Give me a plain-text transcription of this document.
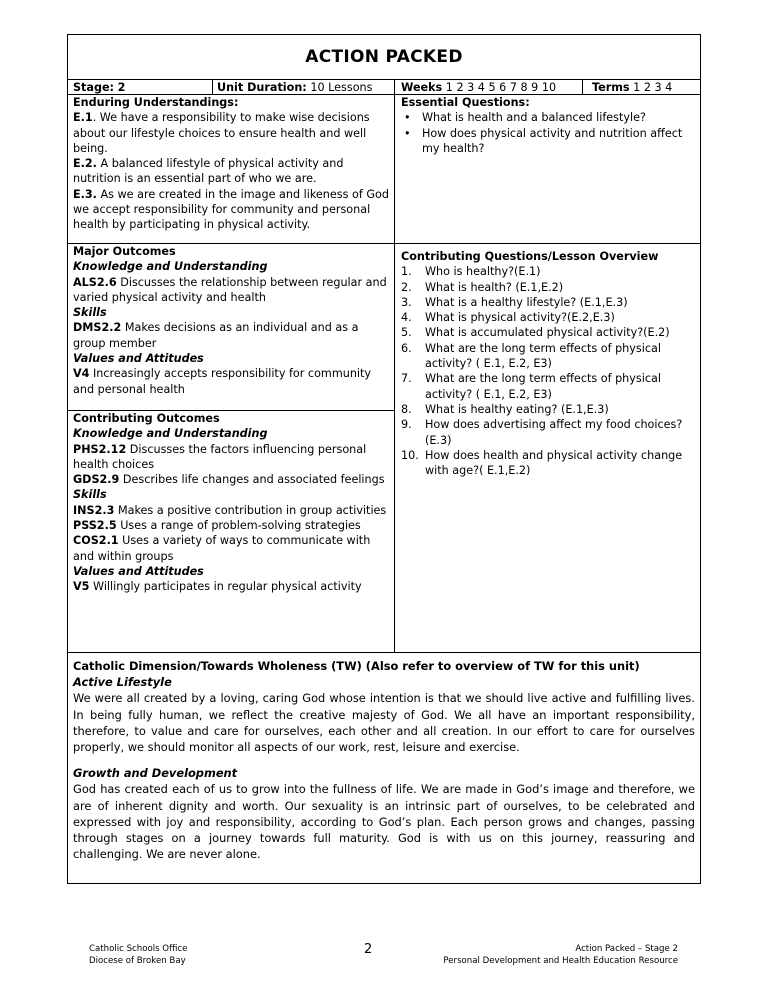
ACTION PACKED
Stage: 2	Unit Duration: 10 Lessons	Weeks 1 2 3 4 5 6 7 8 9 10	Terms 1 2 3 4

Enduring Understandings:

E.1. We have a responsibility to make wise decisions about our lifestyle choices to ensure health and well being.

E.2. A balanced lifestyle of physical activity and nutrition is an essential part of who we are.

E.3. As we are created in the image and likeness of God we accept responsibility for community and personal health by participating in physical activity.

Essential Questions:

•	What is health and a balanced lifestyle?
•	How does physical activity and nutrition affect my health?

Major Outcomes

Knowledge and Understanding

ALS2.6 Discusses the relationship between regular and varied physical activity and health

Skills

DMS2.2 Makes decisions as an individual and as a group member

Values and Attitudes

V4 Increasingly accepts responsibility for community and personal health

Contributing Outcomes

Knowledge and Understanding

PHS2.12 Discusses the factors influencing personal health choices

GDS2.9 Describes life changes and associated feelings

Skills

INS2.3 Makes a positive contribution in group activities

PSS2.5 Uses a range of problem-solving strategies

COS2.1 Uses a variety of ways to communicate with and within groups

Values and Attitudes

V5 Willingly participates in regular physical activity

Contributing Questions/Lesson Overview

1.	Who is healthy?(E.1)
2.	What is health? (E.1,E.2)
3.	What is a healthy lifestyle? (E.1,E.3)
4.	What is physical activity?(E.2,E.3)
5.	What is accumulated physical activity?(E.2)
6.	What are the long term effects of physical activity? ( E.1, E.2, E3)
7.	What are the long term effects of physical activity? ( E.1, E.2, E3)
8.	What is healthy eating? (E.1,E.3)
9.	How does advertising affect my food choices?(E.3)
10. How does health and physical activity change with age?( E.1,E.2)

Catholic Dimension/Towards Wholeness (TW) (Also refer to overview of TW for this unit)

Active Lifestyle

We were all created by a loving, caring God whose intention is that we should live active and fulfilling lives. In being fully human, we reflect the creative majesty of God. We all have an important responsibility, therefore, to value and care for ourselves, each other and all creation. In our effort to care for ourselves properly, we should monitor all aspects of our work, rest, leisure and exercise.

Growth and Development

God has created each of us to grow into the fullness of life. We are made in God’s image and therefore, we are of inherent dignity and worth. Our sexuality is an intrinsic part of ourselves, to be celebrated and expressed with joy and responsibility, according to God’s plan. Each person grows and changes, passing through stages on a journey towards full maturity. God is with us on this journey, reassuring and challenging. We are never alone.

Catholic Schools Office
Diocese of Broken Bay
2	Action Packed – Stage 2
Personal Development and Health Education Resource
